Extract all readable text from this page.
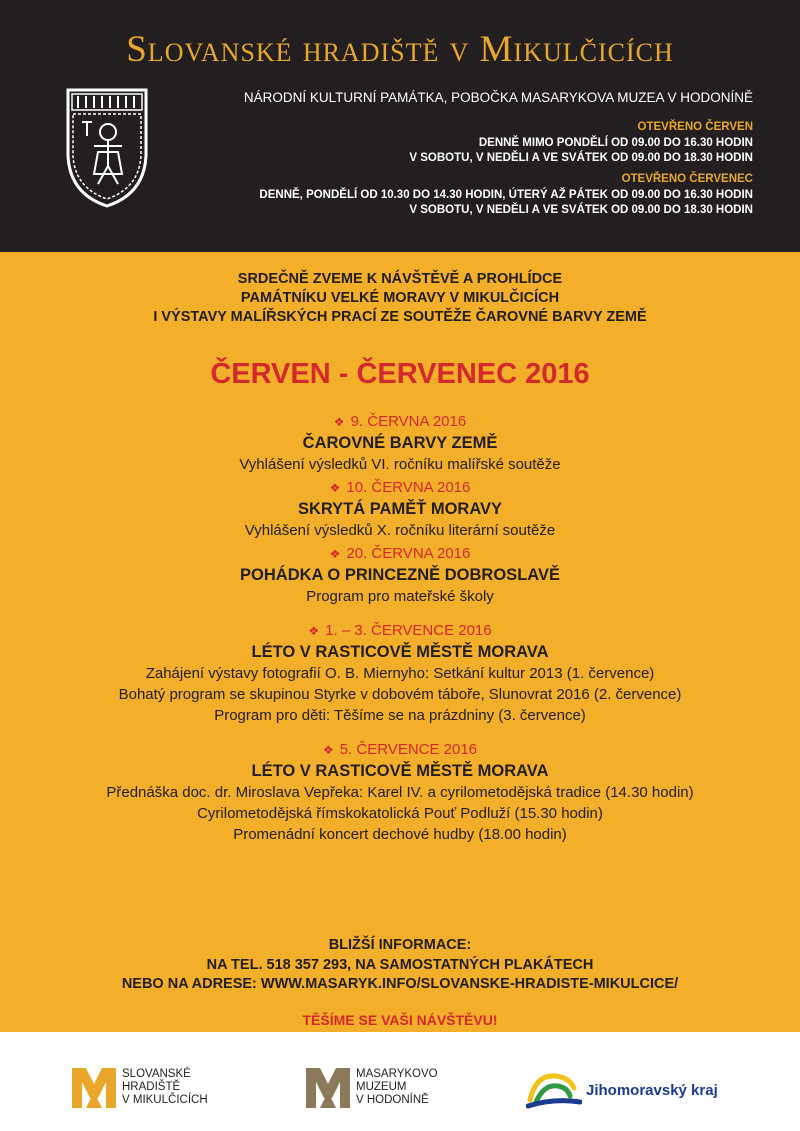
Slovanské hradiště v Mikulčicích
NÁRODNÍ KULTURNÍ PAMÁTKA, POBOČKA MASARYKOVA MUZEA V HODONÍNĚ
OTEVŘENO ČERVEN
DENNĚ MIMO PONDĚLÍ OD 09.00 DO 16.30 HODIN
V SOBOTU, V NEDĚLI A VE SVÁTEK OD 09.00 DO 18.30 HODIN
OTEVŘENO ČERVENEC
DENNĚ, PONDĚLÍ OD 10.30 DO 14.30 HODIN, ÚTERÝ AŽ PÁTEK OD 09.00 DO 16.30 HODIN
V SOBOTU, V NEDĚLI A VE SVÁTEK OD 09.00 DO 18.30 HODIN
SRDEČNĚ ZVEME K NÁVŠTĚVĚ A PROHLÍDCE
PAMÁTNÍKU VELKÉ MORAVY V MIKULČICÍCH
I VÝSTAVY MALÍŘSKÝCH PRACÍ ZE SOUTĚŽE ČAROVNÉ BARVY ZEMĚ
ČERVEN - ČERVENEC 2016
❖ 9. ČERVNA 2016
ČAROVNÉ BARVY ZEMĚ
Vyhlášení výsledků VI. ročníku malířské soutěže
❖ 10. ČERVNA 2016
SKRYTÁ PAMĚŤ MORAVY
Vyhlášení výsledků X. ročníku literární soutěže
❖ 20. ČERVNA 2016
POHÁDKA O PRINCEZNĚ DOBROSLAVĚ
Program pro mateřské školy
❖ 1. – 3. ČERVENCE 2016
LÉTO V RASTICOVĚ MĚSTĚ MORAVA
Zahájení výstavy fotografií O. B. Miernyho: Setkání kultur 2013 (1. července)
Bohatý program se skupinou Styrke v dobovém táboře, Slunovrat 2016 (2. července)
Program pro děti: Těšíme se na prázdniny (3. července)
❖ 5. ČERVENCE 2016
LÉTO V RASTICOVĚ MĚSTĚ MORAVA
Přednáška doc. dr. Miroslava Vepřeka: Karel IV. a cyrilometodějská tradice (14.30 hodin)
Cyrilometodějská římskokatolická Pouť Podluží (15.30 hodin)
Promenádní koncert dechové hudby (18.00 hodin)
BLIŽŠÍ INFORMACE:
NA TEL. 518 357 293, NA SAMOSTATNÝCH PLAKÁTECH
NEBO NA ADRESE: WWW.MASARYK.INFO/SLOVANSKE-HRADISTE-MIKULCICE/
TĚŠÍME SE VAŠI NÁVŠTĚVU!
SLOVANSKÉ
HRADIŠTĚ
V MIKULČICÍCH
MASARYKOVO
MUZEUM
V HODONÍNĚ
Jihomoravský kraj
